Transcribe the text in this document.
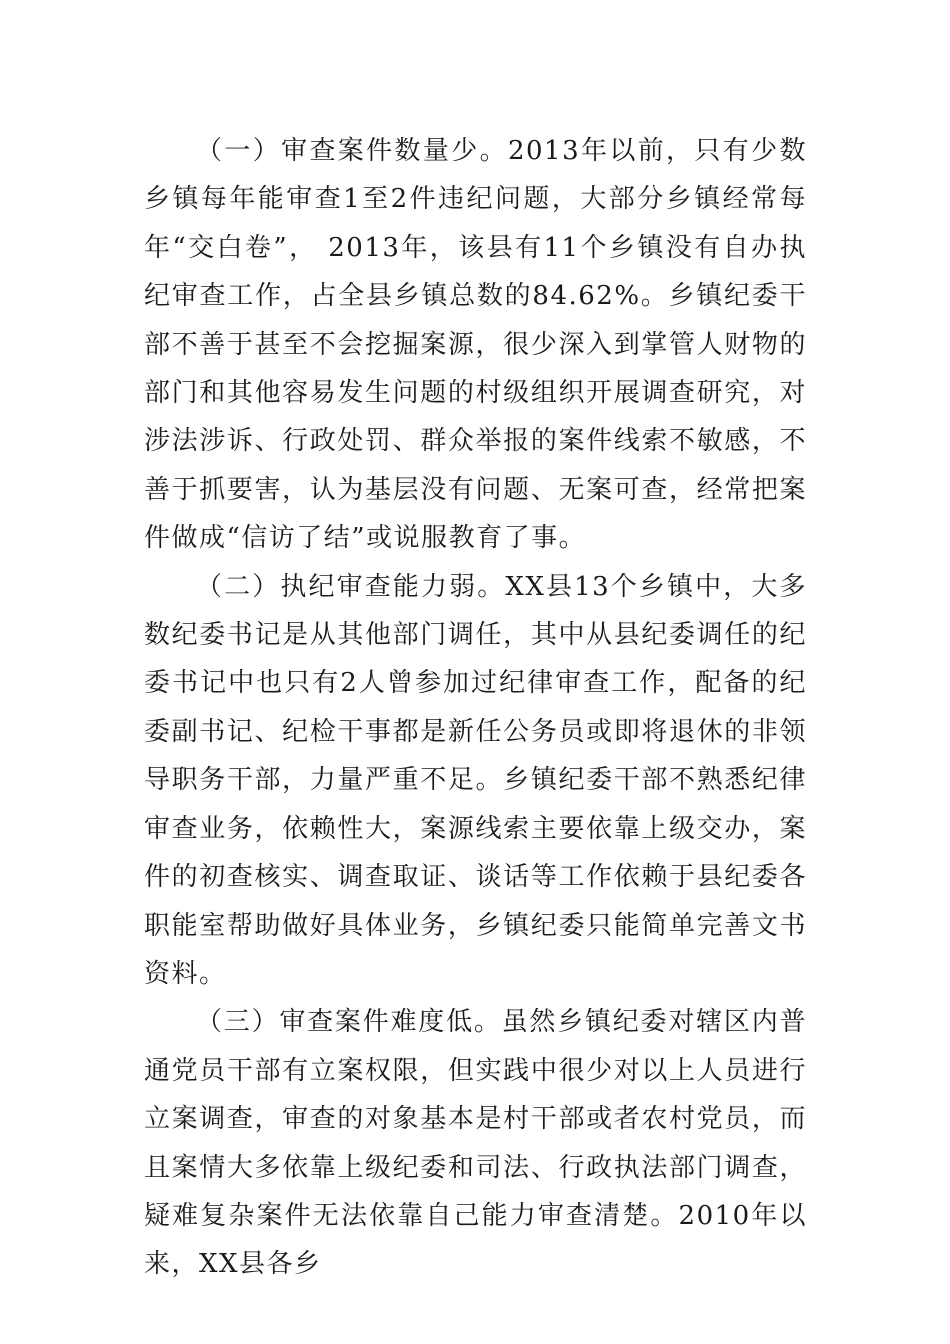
（一）审查案件数量少。2013年以前，只有少数乡镇每年能审查1至2件违纪问题，大部分乡镇经常每年“交白卷”， 2013年，该县有11个乡镇没有自办执纪审查工作，占全县乡镇总数的84.62%。乡镇纪委干部不善于甚至不会挖掘案源，很少深入到掌管人财物的部门和其他容易发生问题的村级组织开展调查研究，对涉法涉诉、行政处罚、群众举报的案件线索不敏感，不善于抓要害，认为基层没有问题、无案可查，经常把案件做成“信访了结”或说服教育了事。

（二）执纪审查能力弱。XX县13个乡镇中，大多数纪委书记是从其他部门调任，其中从县纪委调任的纪委书记中也只有2人曾参加过纪律审查工作，配备的纪委副书记、纪检干事都是新任公务员或即将退休的非领导职务干部，力量严重不足。乡镇纪委干部不熟悉纪律审查业务，依赖性大，案源线索主要依靠上级交办，案件的初查核实、调查取证、谈话等工作依赖于县纪委各职能室帮助做好具体业务，乡镇纪委只能简单完善文书资料。

（三）审查案件难度低。虽然乡镇纪委对辖区内普通党员干部有立案权限，但实践中很少对以上人员进行立案调查，审查的对象基本是村干部或者农村党员，而且案情大多依靠上级纪委和司法、行政执法部门调查，疑难复杂案件无法依靠自己能力审查清楚。2010年以来，XX县各乡
